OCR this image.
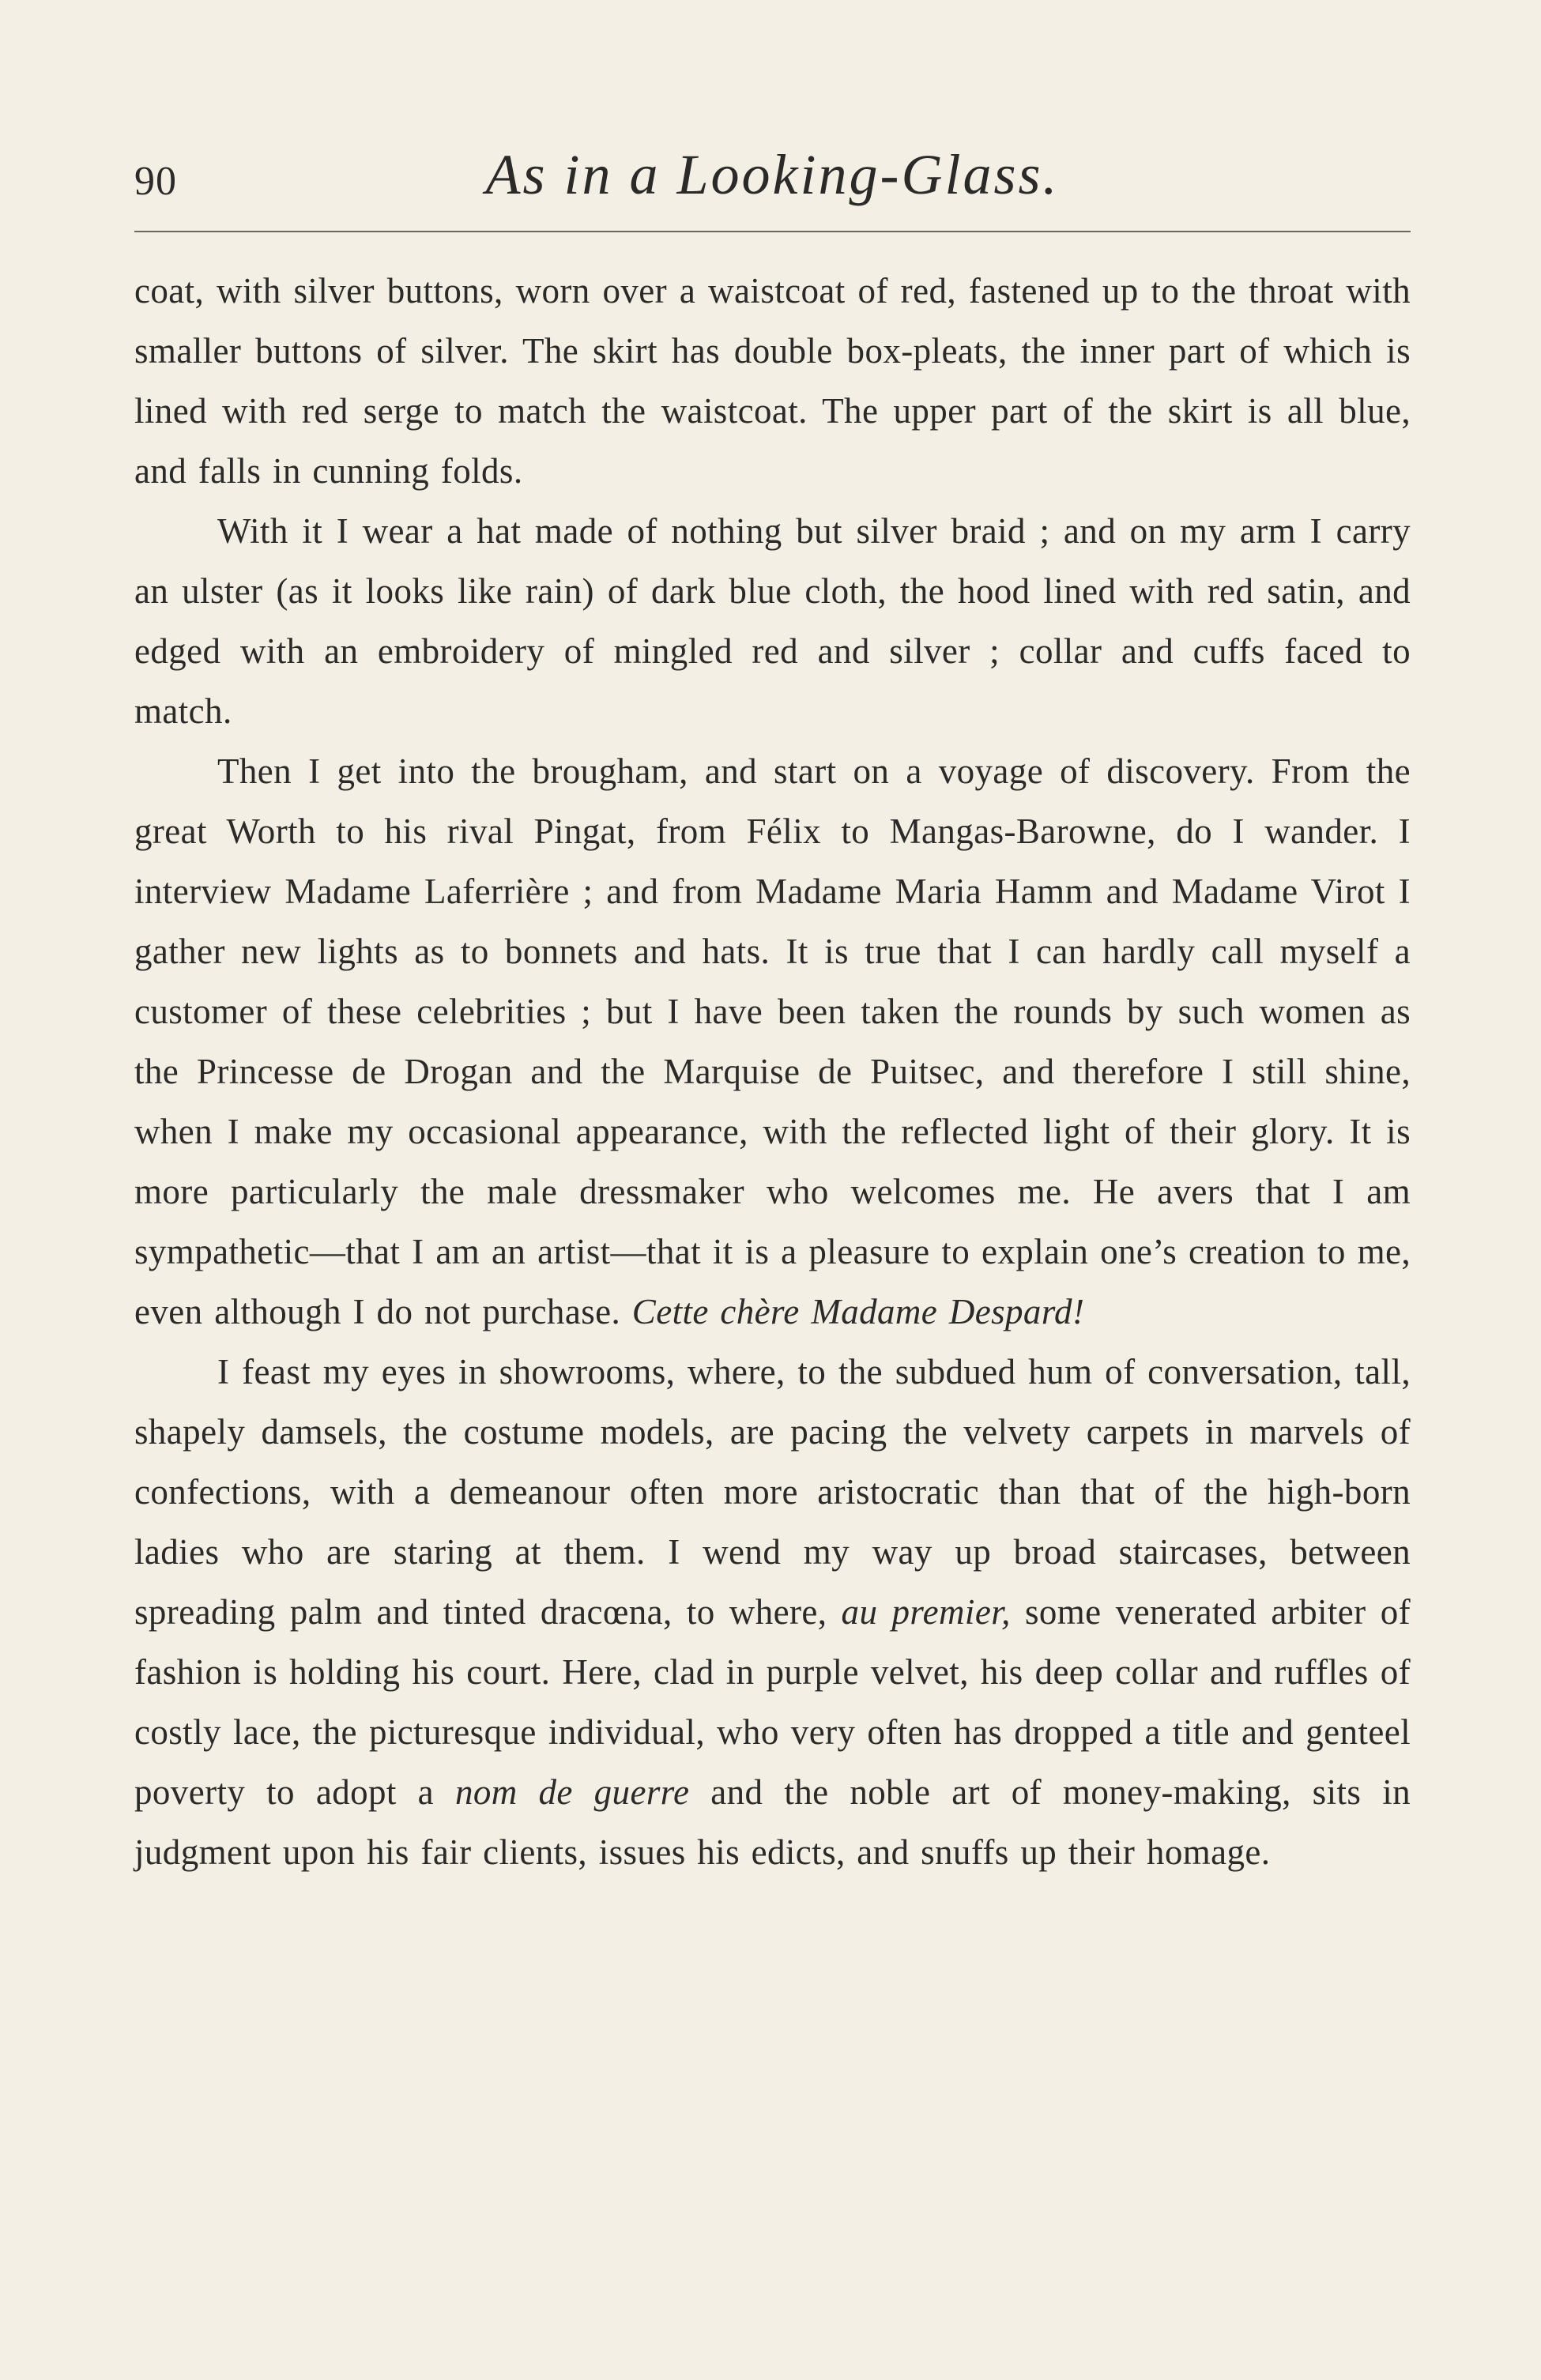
90	As in a Looking-Glass.

coat, with silver buttons, worn over a waistcoat of red, fastened up to the throat with smaller buttons of silver. The skirt has double box-pleats, the inner part of which is lined with red serge to match the waistcoat. The upper part of the skirt is all blue, and falls in cunning folds.

With it I wear a hat made of nothing but silver braid ; and on my arm I carry an ulster (as it looks like rain) of dark blue cloth, the hood lined with red satin, and edged with an embroidery of mingled red and silver ; collar and cuffs faced to match.

Then I get into the brougham, and start on a voyage of discovery. From the great Worth to his rival Pingat, from Félix to Mangas-Barowne, do I wander. I interview Madame Laferrière ; and from Madame Maria Hamm and Madame Virot I gather new lights as to bonnets and hats. It is true that I can hardly call myself a customer of these celebrities ; but I have been taken the rounds by such women as the Princesse de Drogan and the Marquise de Puitsec, and therefore I still shine, when I make my occasional appearance, with the reflected light of their glory. It is more particularly the male dressmaker who welcomes me. He avers that I am sympathetic—that I am an artist—that it is a pleasure to explain one’s creation to me, even although I do not purchase. Cette chère Madame Despard!

I feast my eyes in showrooms, where, to the subdued hum of conversation, tall, shapely damsels, the costume models, are pacing the velvety carpets in marvels of confections, with a demeanour often more aristocratic than that of the high-born ladies who are staring at them. I wend my way up broad staircases, between spreading palm and tinted dracœna, to where, au premier, some venerated arbiter of fashion is holding his court. Here, clad in purple velvet, his deep collar and ruffles of costly lace, the picturesque individual, who very often has dropped a title and genteel poverty to adopt a nom de guerre and the noble art of money-making, sits in judgment upon his fair clients, issues his edicts, and snuffs up their homage.
